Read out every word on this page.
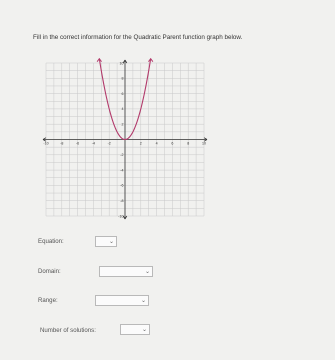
Fill in the correct information for the Quadratic Parent function graph below.
-10	-8	-6	-4	-2	2	4	6	8	10
10
8
6
4
2
-2
-4
-6
-8
-10
Equation:	⌄
Domain:	⌄
Range:	⌄
Number of solutions:	⌄
